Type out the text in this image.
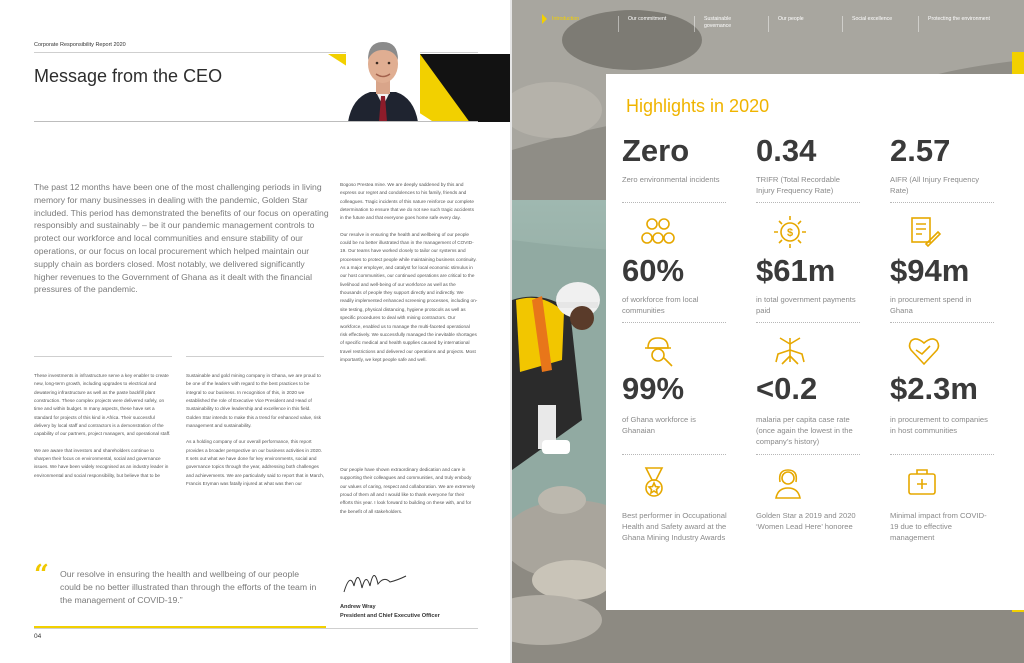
Corporate Responsibility Report 2020
Message from the CEO

The past 12 months have been one of the most challenging periods in living memory for many businesses in dealing with the pandemic, Golden Star included. This period has demonstrated the benefits of our focus on operating responsibly and sustainably – be it our pandemic management controls to protect our workforce and local communities and ensure stability of our operations, or our focus on local procurement which helped maintain our supply chain as borders closed. Most notably, we delivered significantly higher revenues to the Government of Ghana as it dealt with the financial pressures of the pandemic.

Bogoso Prestea mine. We are deeply saddened by this and express our regret and condolences to his family, friends and colleagues. Tragic incidents of this nature reinforce our complete determination to ensure that we do not see such tragic accidents in the future and that everyone goes home safe every day.

Our resolve in ensuring the health and wellbeing of our people could be no better illustrated than in the management of COVID-19. Our teams have worked closely to tailor our systems and processes to protect people while maintaining business continuity. As a major employer, and catalyst for local economic stimulus in our host communities, our continued operations are critical to the livelihood and well-being of our workforce as well as the thousands of people they support directly and indirectly. We readily implemented enhanced screening processes, including on-site testing, physical distancing, hygiene protocols as well as specific procedures to deal with mining contractors. Our workforce, enabled us to manage the multi-faceted operational risk effectively. We successfully managed the inevitable shortages of specific medical and health supplies caused by international travel restrictions and delivered our operations and projects. Most importantly, we kept people safe and well.

These investments in infrastructure serve a key enabler to create new, long-term growth, including upgrades to electrical and dewatering infrastructure as well as the paste backfill plant construction. These complex projects were delivered safely, on time and within budget. In many aspects, these have set a standard for projects of this kind in Africa. Their successful delivery by local staff and contractors is a demonstration of the capability of our partners, project managers, and operational staff.

We are aware that investors and shareholders continue to sharpen their focus on environmental, social and governance issues. We have been widely recognised as an industry leader in environmental and social responsibility, but believe that to be

Sustainable and gold mining company in Ghana, we are proud to be one of the leaders with regard to the best practices to be integral to our business. In recognition of this, in 2020 we established the role of Executive Vice President and Head of Sustainability to drive leadership and excellence in this field. Golden Star intends to make this a trend for enhanced value, risk management and sustainability.

As a holding company of our overall performance, this report provides a broader perspective on our business activities in 2020. It sets out what we have done for key environments, social and governance topics through the year, addressing both challenges and achievements. We are particularly said to report that in March, Francis Eryman was fatally injured at what was then our

Our people have shown extraordinary dedication and care in supporting their colleagues and communities, and truly embody our values of caring, respect and collaboration. We are extremely proud of them all and I would like to thank everyone for their efforts this year. I look forward to building on these with, and for the benefit of all stakeholders.

“ Our resolve in ensuring the health and wellbeing of our people could be no better illustrated than through the efforts of the team in the management of COVID-19.”

Andrew Wray
President and Chief Executive Officer
04
Introduction	Our commitment	Sustainable governance
Our people	Social excellence	Protecting the environment
Highlights in 2020
Zero
Zero environmental incidents
0.34
TRIFR (Total Recordable Injury Frequency Rate)
2.57
AIFR (All Injury Frequency Rate)
$
60%
of workforce from local communities
$61m
in total government payments paid
$94m
in procurement spend in Ghana
99%
of Ghana workforce is Ghanaian
<0.2
malaria per capita case rate (once again the lowest in the company’s history)
$2.3m
in procurement to companies in host communities
Best performer in Occupational Health and Safety award at the Ghana Mining Industry Awards
Golden Star a 2019 and 2020 ‘Women Lead Here’ honoree
Minimal impact from COVID-19 due to effective management
